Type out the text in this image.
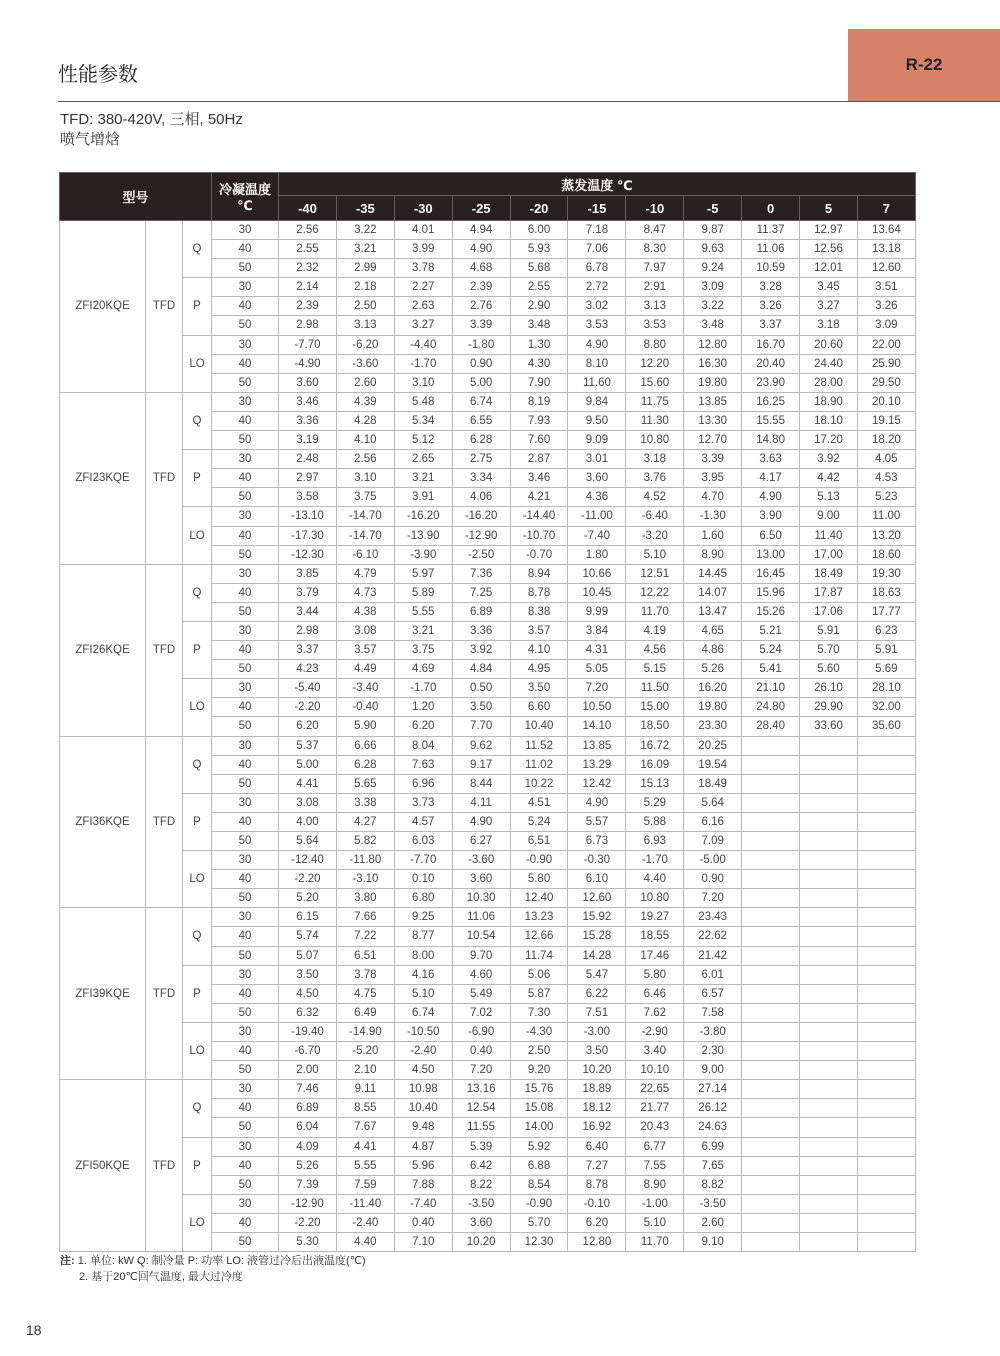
性能参数	R-22
TFD: 380-420V, 三相, 50Hz
喷气增焓
型号			冷凝温度
℃	蒸发温度 ℃										
				-40	-35	-30	-25	-20	-15	-10	-5	0	5	7
ZFI20KQE	TFD	Q	30	2.56	3.22	4.01	4.94	6.00	7.18	8.47	9.87	11.37	12.97	13.64
			40	2.55	3.21	3.99	4.90	5.93	7.06	8.30	9.63	11.06	12.56	13.18
			50	2.32	2.99	3.78	4.68	5.68	6.78	7.97	9.24	10.59	12.01	12.60
		P	30	2.14	2.18	2.27	2.39	2.55	2.72	2.91	3.09	3.28	3.45	3.51
			40	2.39	2.50	2.63	2.76	2.90	3.02	3.13	3.22	3.26	3.27	3.26
			50	2.98	3.13	3.27	3.39	3.48	3.53	3.53	3.48	3.37	3.18	3.09
		LO	30	-7.70	-6.20	-4.40	-1.80	1.30	4.90	8.80	12.80	16.70	20.60	22.00
			40	-4.90	-3.60	-1.70	0.90	4.30	8.10	12.20	16.30	20.40	24.40	25.90
			50	3.60	2.60	3.10	5.00	7.90	11.60	15.60	19.80	23.90	28.00	29.50
ZFI23KQE	TFD	Q	30	3.46	4.39	5.48	6.74	8.19	9.84	11.75	13.85	16.25	18.90	20.10
			40	3.36	4.28	5.34	6.55	7.93	9.50	11.30	13.30	15.55	18.10	19.15
			50	3.19	4.10	5.12	6.28	7.60	9.09	10.80	12.70	14.80	17.20	18.20
		P	30	2.48	2.56	2.65	2.75	2.87	3.01	3.18	3.39	3.63	3.92	4.05
			40	2.97	3.10	3.21	3.34	3.46	3.60	3.76	3.95	4.17	4.42	4.53
			50	3.58	3.75	3.91	4.06	4.21	4.36	4.52	4.70	4.90	5.13	5.23
		LO	30	-13.10	-14.70	-16.20	-16.20	-14.40	-11.00	-6.40	-1.30	3.90	9.00	11.00
			40	-17.30	-14.70	-13.90	-12.90	-10.70	-7.40	-3.20	1.60	6.50	11.40	13.20
			50	-12.30	-6.10	-3.90	-2.50	-0.70	1.80	5.10	8.90	13.00	17.00	18.60
ZFI26KQE	TFD	Q	30	3.85	4.79	5.97	7.36	8.94	10.66	12.51	14.45	16.45	18.49	19.30
			40	3.79	4.73	5.89	7.25	8.78	10.45	12.22	14.07	15.96	17.87	18.63
			50	3.44	4.38	5.55	6.89	8.38	9.99	11.70	13.47	15.26	17.06	17.77
		P	30	2.98	3.08	3.21	3.36	3.57	3.84	4.19	4.65	5.21	5.91	6.23
			40	3.37	3.57	3.75	3.92	4.10	4.31	4.56	4.86	5.24	5.70	5.91
			50	4.23	4.49	4.69	4.84	4.95	5.05	5.15	5.26	5.41	5.60	5.69
		LO	30	-5.40	-3.40	-1.70	0.50	3.50	7.20	11.50	16.20	21.10	26.10	28.10
			40	-2.20	-0.40	1.20	3.50	6.60	10.50	15.00	19.80	24.80	29.90	32.00
			50	6.20	5.90	6.20	7.70	10.40	14.10	18.50	23.30	28.40	33.60	35.60
ZFI36KQE	TFD	Q	30	5.37	6.66	8.04	9.62	11.52	13.85	16.72	20.25			
			40	5.00	6.28	7.63	9.17	11.02	13.29	16.09	19.54			
			50	4.41	5.65	6.96	8.44	10.22	12.42	15.13	18.49			
		P	30	3.08	3.38	3.73	4.11	4.51	4.90	5.29	5.64			
			40	4.00	4.27	4.57	4.90	5.24	5.57	5.88	6.16			
			50	5.64	5.82	6.03	6.27	6.51	6.73	6.93	7.09			
		LO	30	-12.40	-11.80	-7.70	-3.60	-0.90	-0.30	-1.70	-5.00			
			40	-2.20	-3.10	0.10	3.60	5.80	6.10	4.40	0.90			
			50	5.20	3.80	6.80	10.30	12.40	12.60	10.80	7.20			
ZFI39KQE	TFD	Q	30	6.15	7.66	9.25	11.06	13.23	15.92	19.27	23.43			
			40	5.74	7.22	8.77	10.54	12.66	15.28	18.55	22.62			
			50	5.07	6.51	8.00	9.70	11.74	14.28	17.46	21.42			
		P	30	3.50	3.78	4.16	4.60	5.06	5.47	5.80	6.01			
			40	4.50	4.75	5.10	5.49	5.87	6.22	6.46	6.57			
			50	6.32	6.49	6.74	7.02	7.30	7.51	7.62	7.58			
		LO	30	-19.40	-14.90	-10.50	-6.90	-4.30	-3.00	-2.90	-3.80			
			40	-6.70	-5.20	-2.40	0.40	2.50	3.50	3.40	2.30			
			50	2.00	2.10	4.50	7.20	9.20	10.20	10.10	9.00			
ZFI50KQE	TFD	Q	30	7.46	9.11	10.98	13.16	15.76	18.89	22.65	27.14			
			40	6.89	8.55	10.40	12.54	15.08	18.12	21.77	26.12			
			50	6.04	7.67	9.48	11.55	14.00	16.92	20.43	24.63			
		P	30	4.09	4.41	4.87	5.39	5.92	6.40	6.77	6.99			
			40	5.26	5.55	5.96	6.42	6.88	7.27	7.55	7.65			
			50	7.39	7.59	7.88	8.22	8.54	8.78	8.90	8.82			
		LO	30	-12.90	-11.40	-7.40	-3.50	-0.90	-0.10	-1.00	-3.50			
			40	-2.20	-2.40	0.40	3.60	5.70	6.20	5.10	2.60			
			50	5.30	4.40	7.10	10.20	12.30	12.80	11.70	9.10			
注: 1. 单位: kW Q: 制冷量 P: 功率 LO: 液管过冷后出液温度(℃)
2. 基于20℃回气温度, 最大过冷度
18
